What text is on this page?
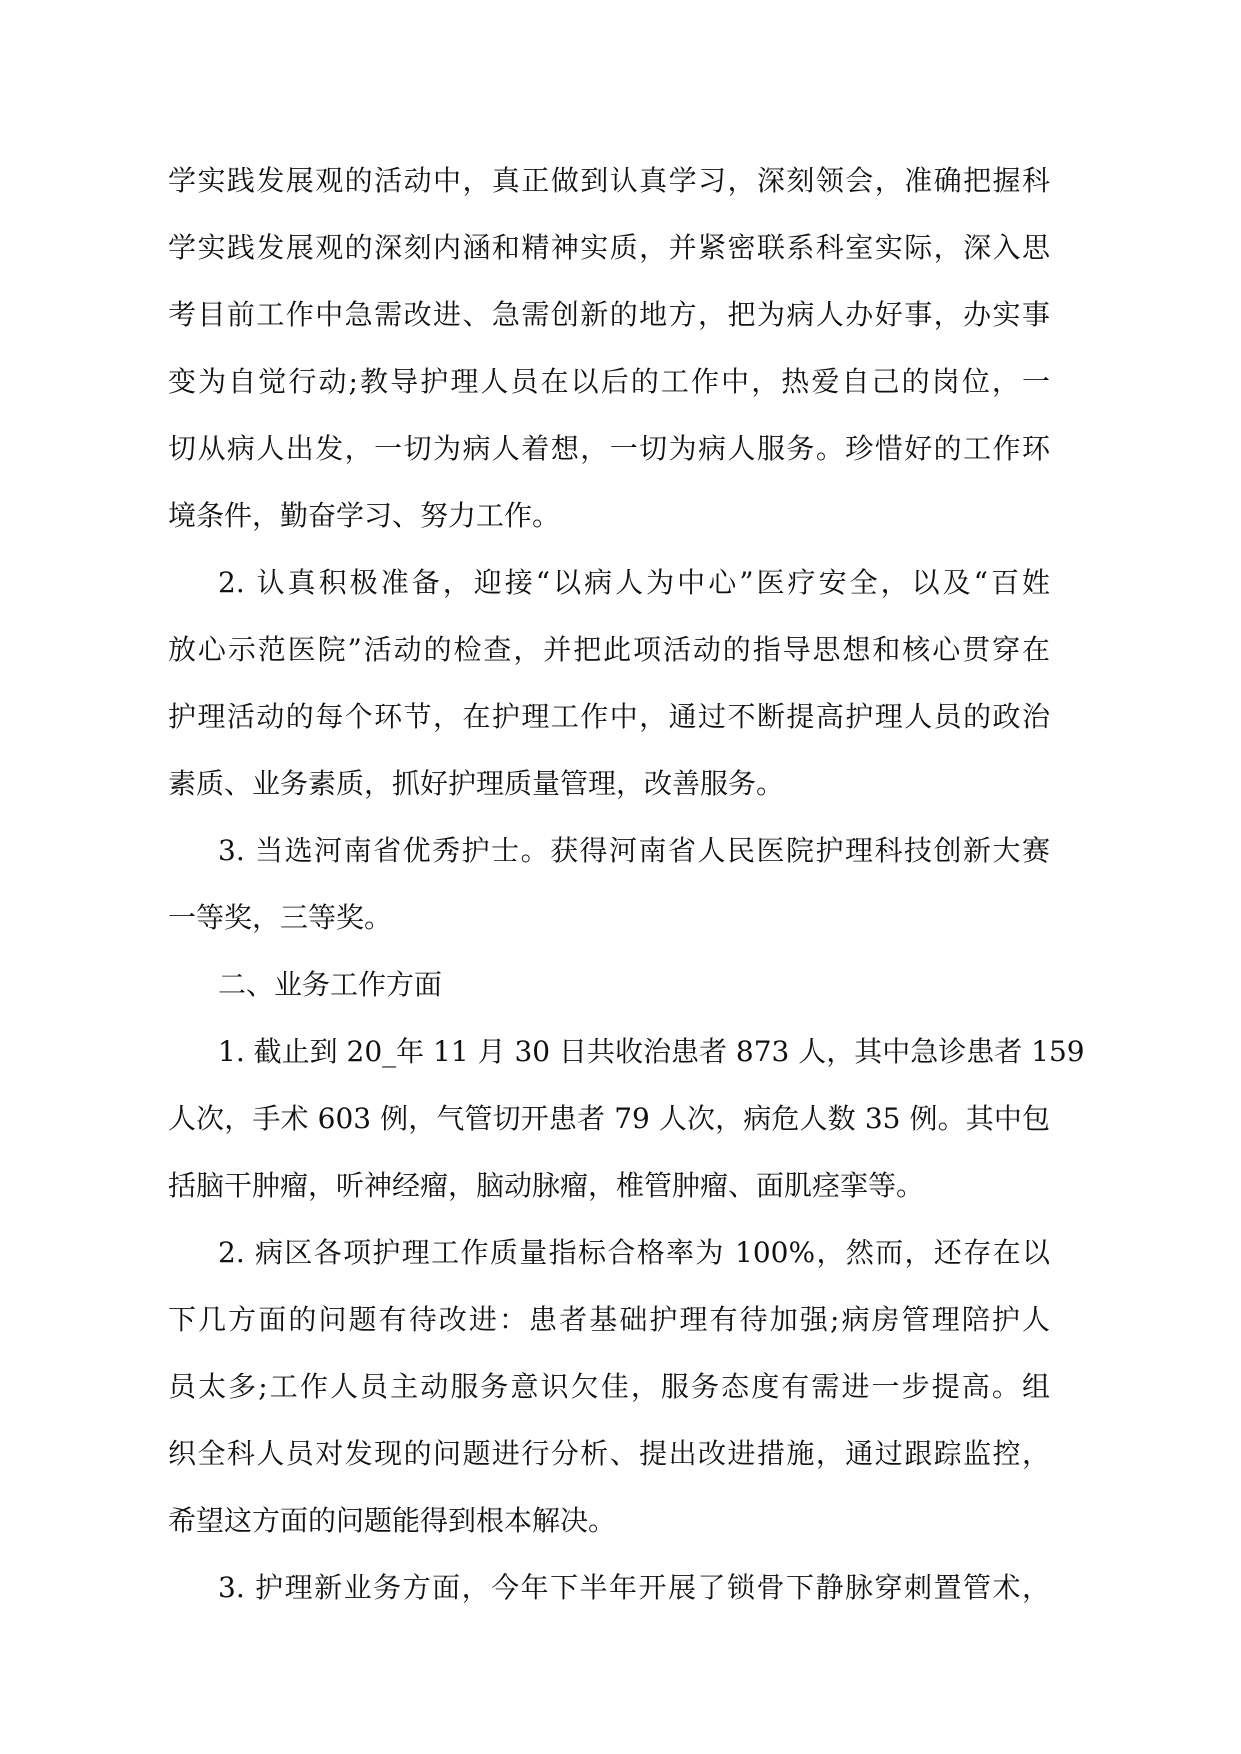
学实践发展观的活动中，真正做到认真学习，深刻领会，准确把握科
学实践发展观的深刻内涵和精神实质，并紧密联系科室实际，深入思
考目前工作中急需改进、急需创新的地方，把为病人办好事，办实事
变为自觉行动;教导护理人员在以后的工作中，热爱自己的岗位，一
切从病人出发，一切为病人着想，一切为病人服务。珍惜好的工作环
境条件，勤奋学习、努力工作。
2. 认真积极准备，迎接“以病人为中心”医疗安全，以及“百姓
放心示范医院”活动的检查，并把此项活动的指导思想和核心贯穿在
护理活动的每个环节，在护理工作中，通过不断提高护理人员的政治
素质、业务素质，抓好护理质量管理，改善服务。
3. 当选河南省优秀护士。获得河南省人民医院护理科技创新大赛
一等奖，三等奖。
二、业务工作方面
1. 截止到 20_年 11 月 30 日共收治患者 873 人，其中急诊患者 159
人次，手术 603 例，气管切开患者 79 人次，病危人数 35 例。其中包
括脑干肿瘤，听神经瘤，脑动脉瘤，椎管肿瘤、面肌痉挛等。
2. 病区各项护理工作质量指标合格率为 100%，然而，还存在以
下几方面的问题有待改进：患者基础护理有待加强;病房管理陪护人
员太多;工作人员主动服务意识欠佳，服务态度有需进一步提高。组
织全科人员对发现的问题进行分析、提出改进措施，通过跟踪监控，
希望这方面的问题能得到根本解决。
3. 护理新业务方面，今年下半年开展了锁骨下静脉穿刺置管术，
